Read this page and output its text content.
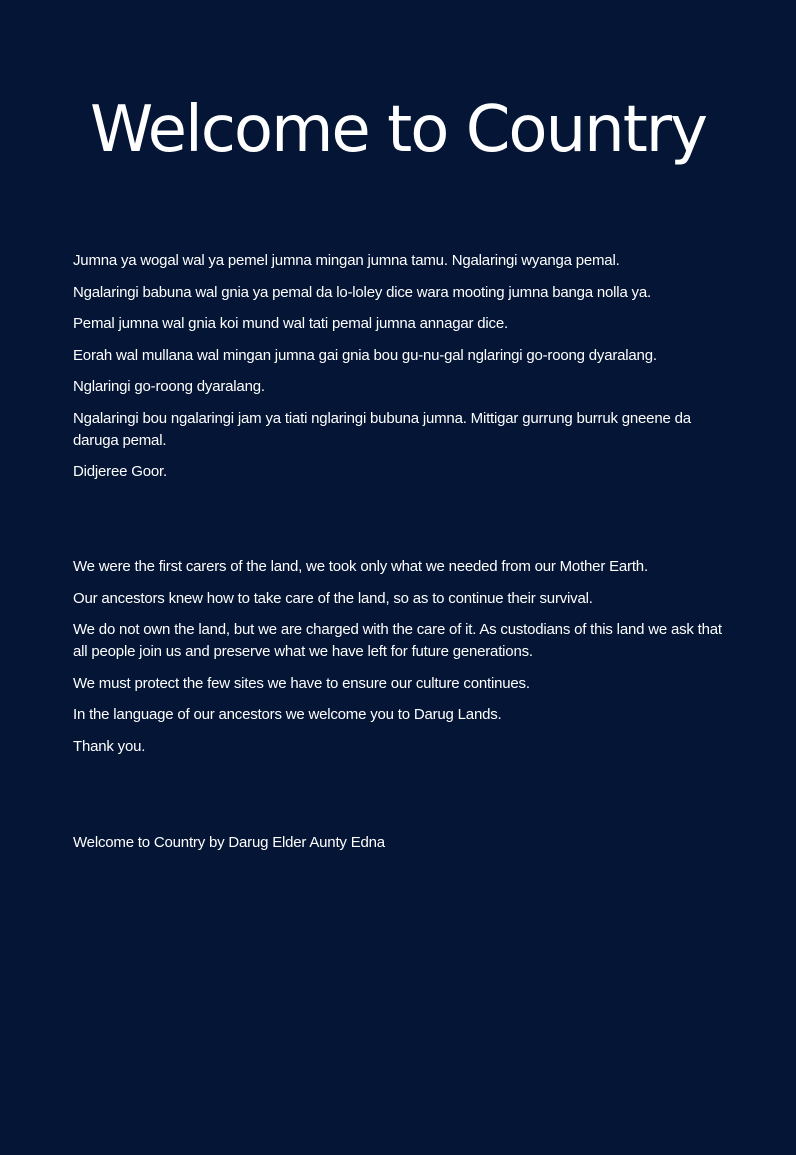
Welcome to Country

Jumna ya wogal wal ya pemel jumna mingan jumna tamu. Ngalaringi wyanga pemal.

Ngalaringi babuna wal gnia ya pemal da lo-loley dice wara mooting jumna banga nolla ya.

Pemal jumna wal gnia koi mund wal tati pemal jumna annagar dice.

Eorah wal mullana wal mingan jumna gai gnia bou gu-nu-gal nglaringi go-roong dyaralang.

Nglaringi go-roong dyaralang.

Ngalaringi bou ngalaringi jam ya tiati nglaringi bubuna jumna. Mittigar gurrung burruk gneene da daruga pemal.

Didjeree Goor.

We were the first carers of the land, we took only what we needed from our Mother Earth.

Our ancestors knew how to take care of the land, so as to continue their survival.

We do not own the land, but we are charged with the care of it. As custodians of this land we ask that all people join us and preserve what we have left for future generations.

We must protect the few sites we have to ensure our culture continues.

In the language of our ancestors we welcome you to Darug Lands.

Thank you.

Welcome to Country by Darug Elder Aunty Edna
